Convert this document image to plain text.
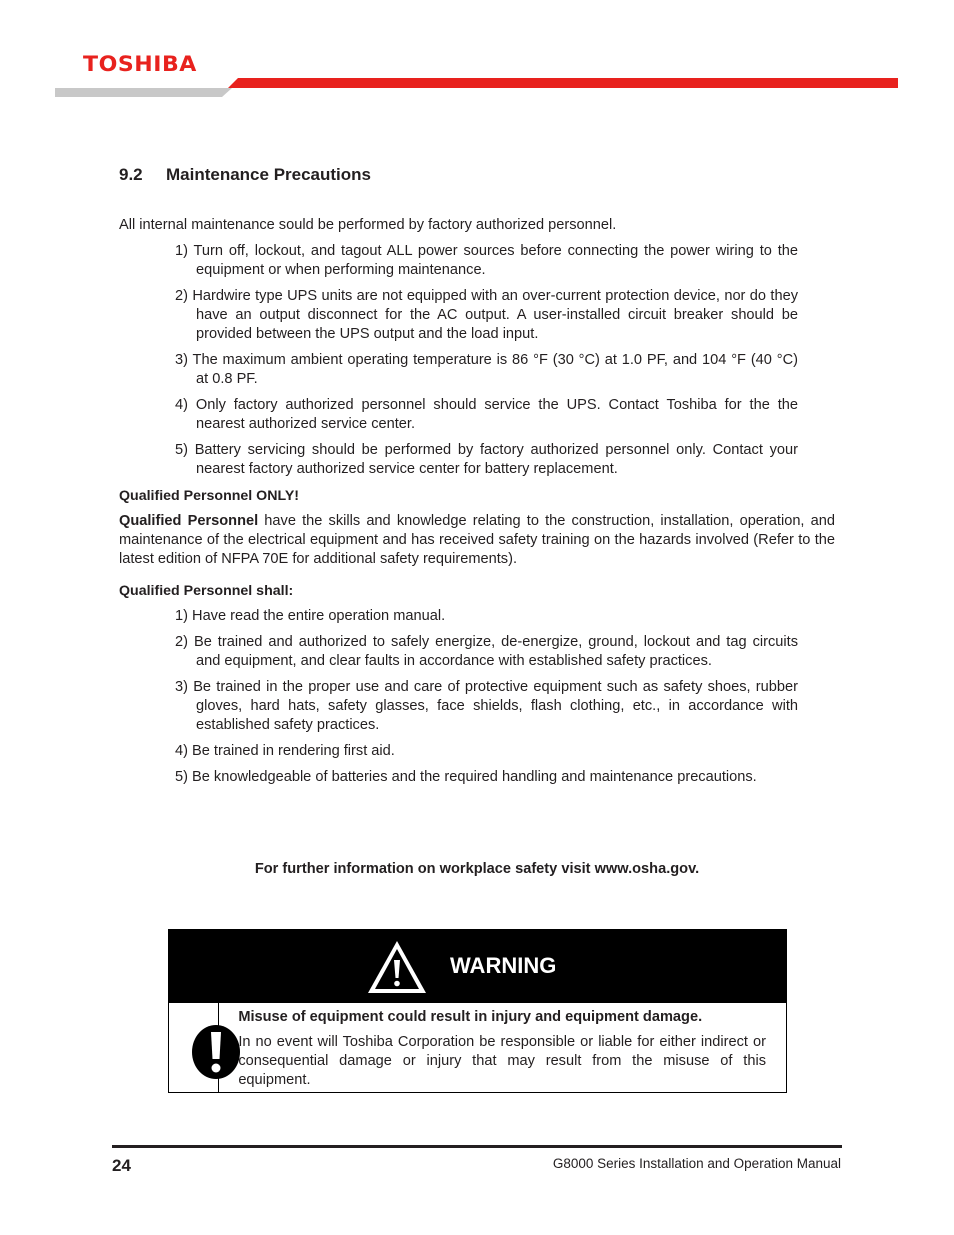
TOSHIBA
9.2 Maintenance Precautions

All internal maintenance sould be performed by factory authorized personnel.

1) Turn off, lockout, and tagout ALL power sources before connecting the power wiring to the equipment or when performing maintenance.

2) Hardwire type UPS units are not equipped with an over-current protection device, nor do they have an output disconnect for the AC output. A user-installed circuit breaker should be provided between the UPS output and the load input.

3) The maximum ambient operating temperature is 86 °F (30 °C) at 1.0 PF, and 104 °F (40 °C) at 0.8 PF.

4) Only factory authorized personnel should service the UPS. Contact Toshiba for the the nearest authorized service center.

5) Battery servicing should be performed by factory authorized personnel only. Contact your nearest factory authorized service center for battery replacement.

Qualified Personnel ONLY!

Qualified Personnel have the skills and knowledge relating to the construction, installation, operation, and maintenance of the electrical equipment and has received safety training on the hazards involved (Refer to the latest edition of NFPA 70E for additional safety requirements).

Qualified Personnel shall:

1) Have read the entire operation manual.

2) Be trained and authorized to safely energize, de-energize, ground, lockout and tag circuits and equipment, and clear faults in accordance with established safety practices.

3) Be trained in the proper use and care of protective equipment such as safety shoes, rubber gloves, hard hats, safety glasses, face shields, flash clothing, etc., in accordance with established safety practices.

4) Be trained in rendering first aid.

5) Be knowledgeable of batteries and the required handling and maintenance precautions.

For further information on workplace safety visit www.osha.gov.
WARNING
Misuse of equipment could result in injury and equipment damage.
In no event will Toshiba Corporation be responsible or liable for either indirect or consequential damage or injury that may result from the misuse of this equipment.
24	G8000 Series Installation and Operation Manual
